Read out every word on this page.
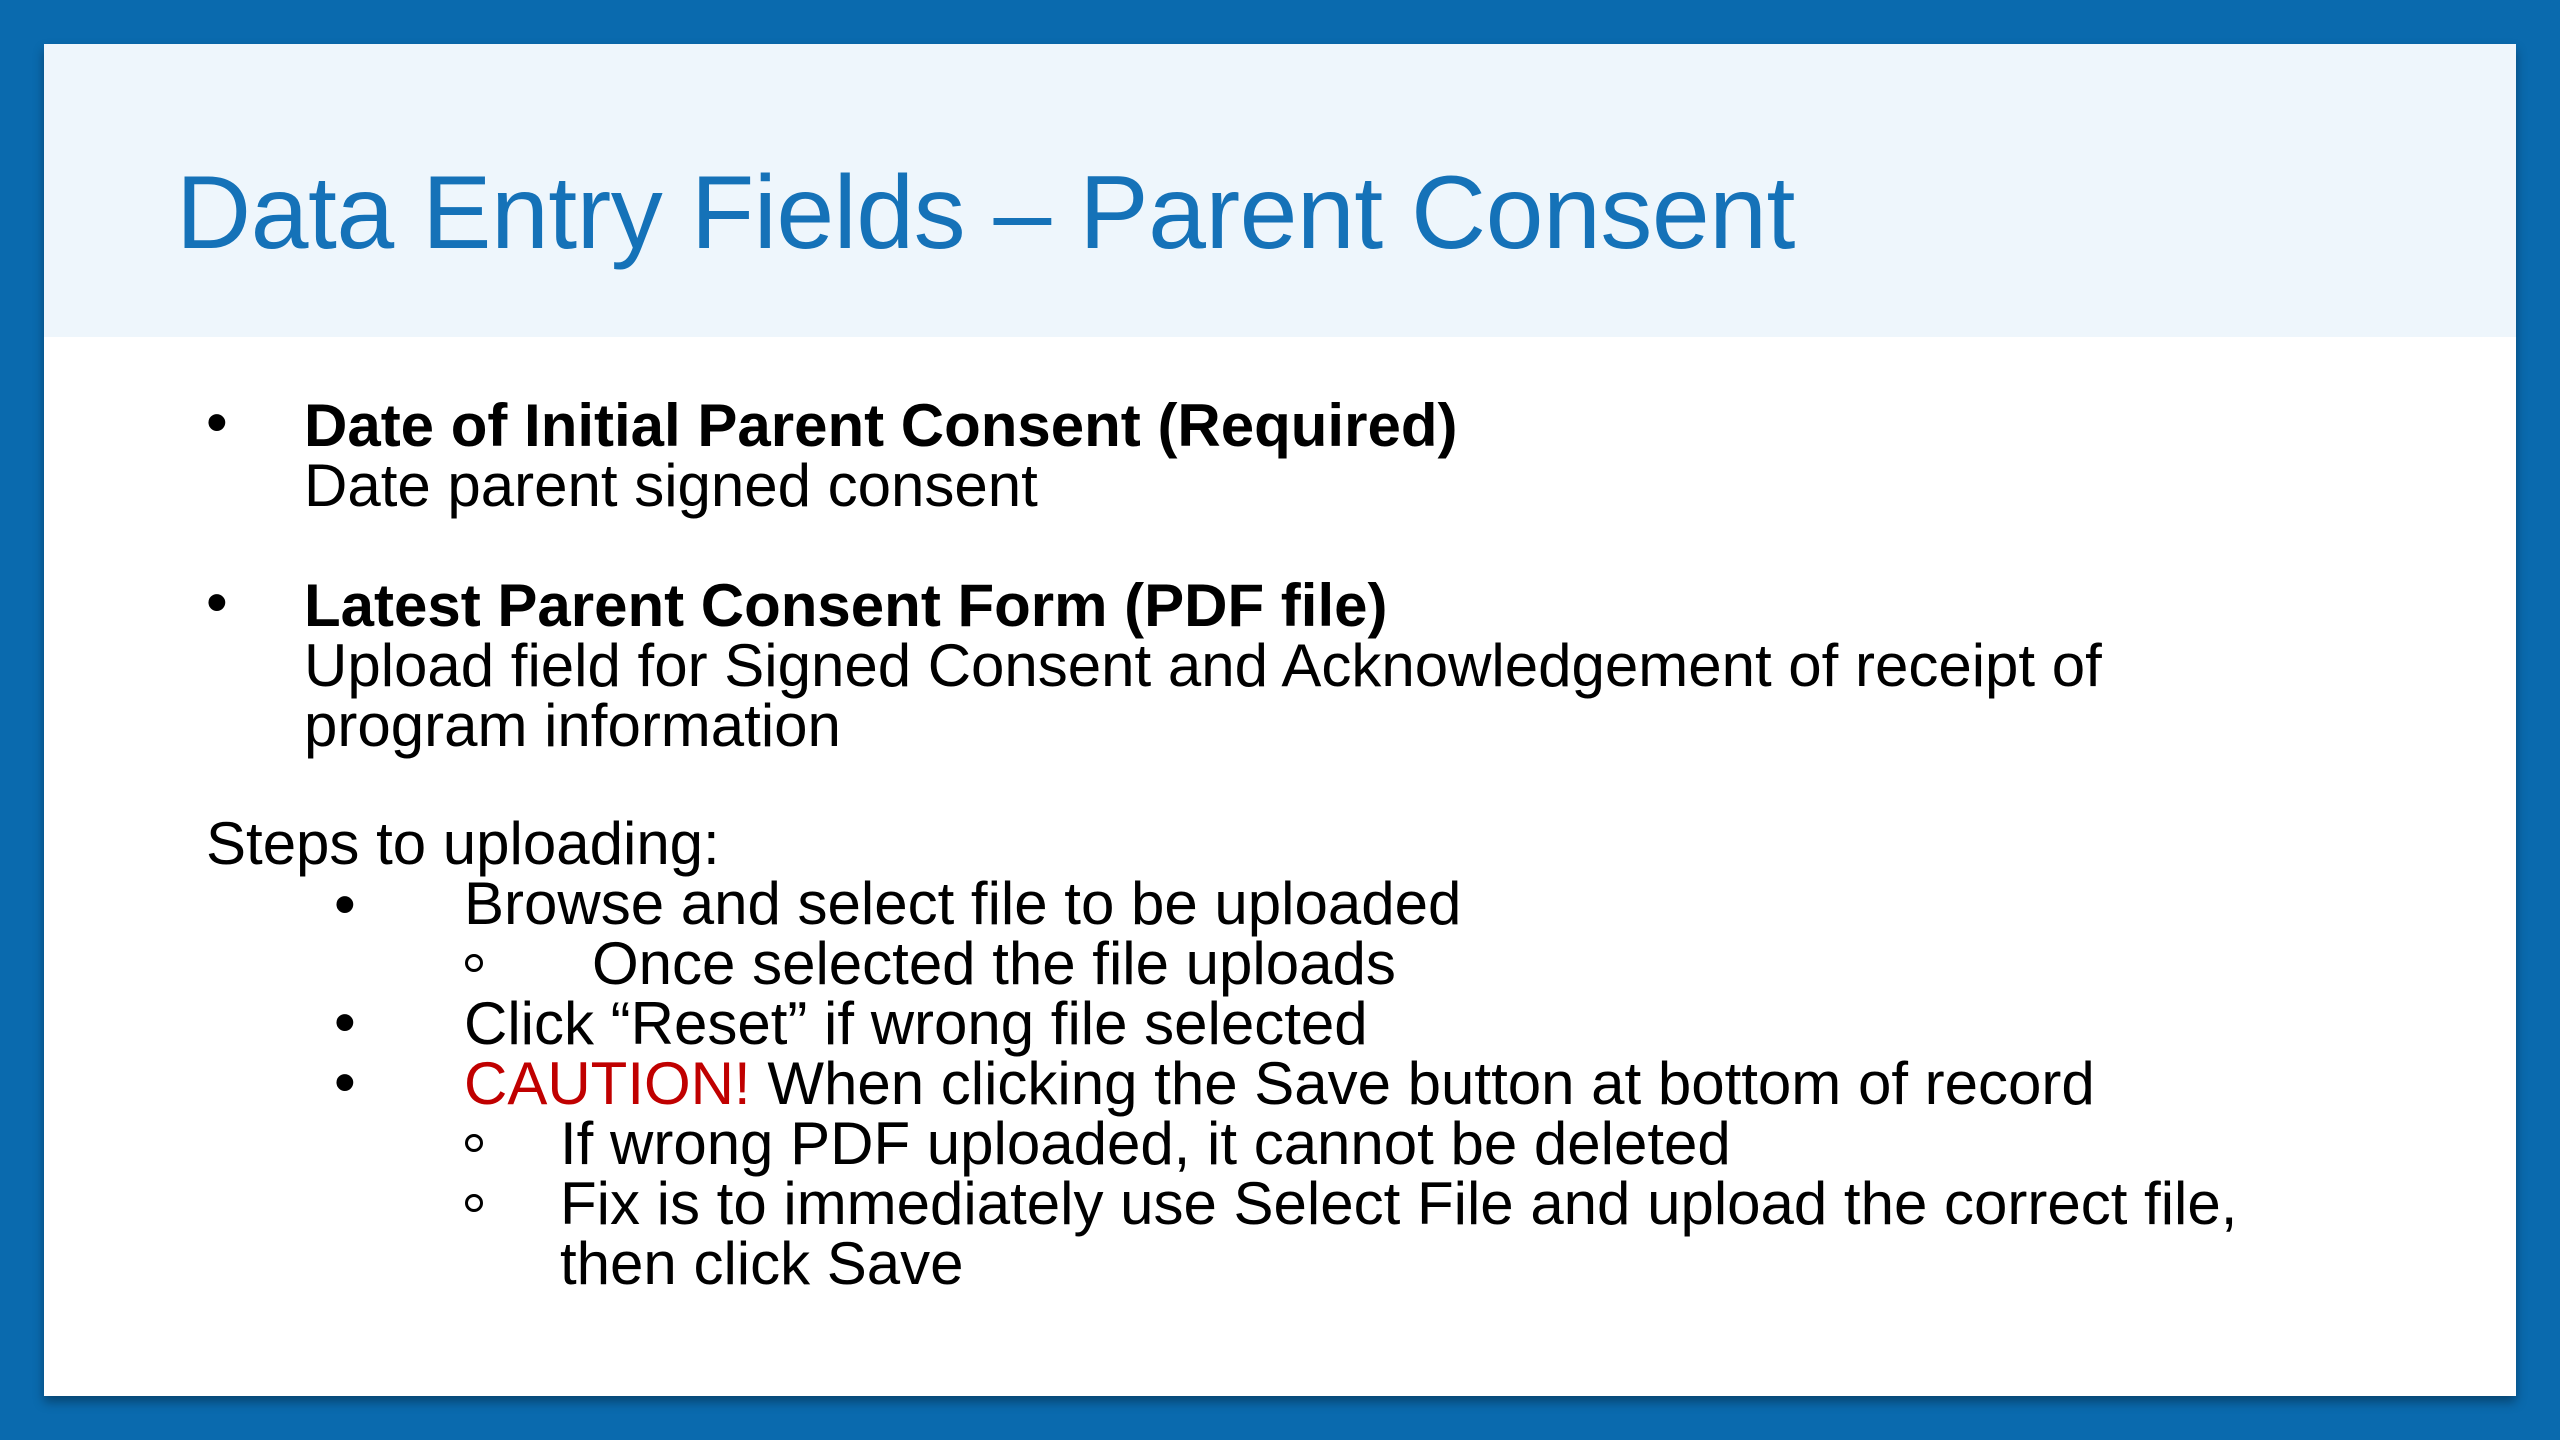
Data Entry Fields – Parent Consent
• Date of Initial Parent Consent (Required)
Date parent signed consent
• Latest Parent Consent Form (PDF file)
Upload field for Signed Consent and Acknowledgement of receipt of
program information
Steps to uploading:
• Browse and select file to be uploaded
Once selected the file uploads
• Click “Reset” if wrong file selected
• CAUTION! When clicking the Save button at bottom of record
If wrong PDF uploaded, it cannot be deleted
Fix is to immediately use Select File and upload the correct file,
then click Save
